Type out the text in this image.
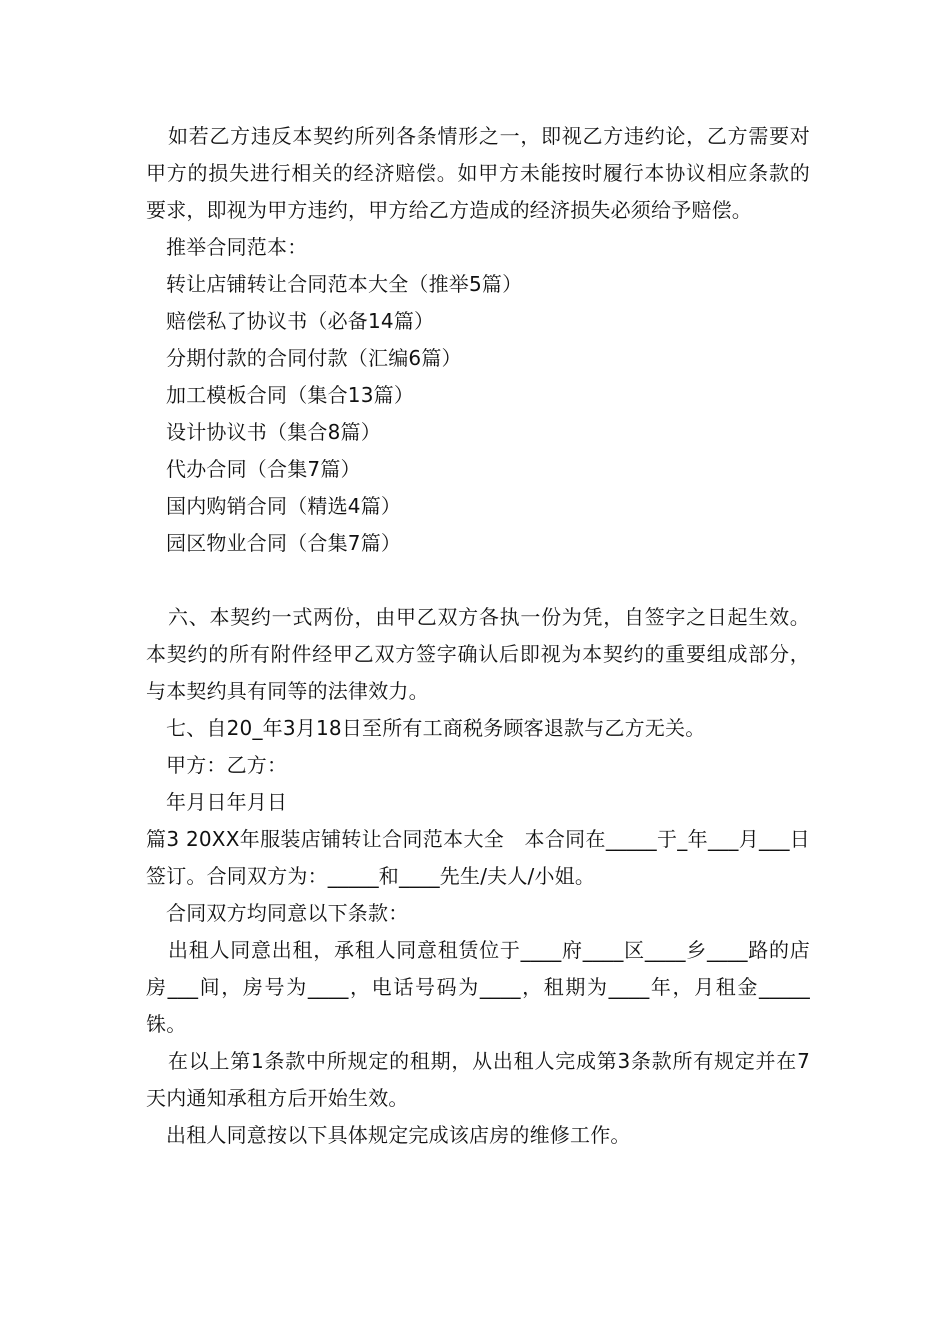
如若乙方违反本契约所列各条情形之一，即视乙方违约论，乙方需要对甲方的损失进行相关的经济赔偿。如甲方未能按时履行本协议相应条款的要求，即视为甲方违约，甲方给乙方造成的经济损失必须给予赔偿。

推举合同范本：

转让店铺转让合同范本大全（推举5篇）

赔偿私了协议书（必备14篇）

分期付款的合同付款（汇编6篇）

加工模板合同（集合13篇）

设计协议书（集合8篇）

代办合同（合集7篇）

国内购销合同（精选4篇）

园区物业合同（合集7篇）

六、本契约一式两份，由甲乙双方各执一份为凭，自签字之日起生效。本契约的所有附件经甲乙双方签字确认后即视为本契约的重要组成部分，与本契约具有同等的法律效力。

七、自20_年3月18日至所有工商税务顾客退款与乙方无关。

甲方：乙方：

年月日年月日

篇3 20XX年服装店铺转让合同范本大全　本合同在_____于_年___月___日签订。合同双方为：_____和____先生/夫人/小姐。

合同双方均同意以下条款：

出租人同意出租，承租人同意租赁位于____府____区____乡____路的店房___间，房号为____，电话号码为____，租期为____年，月租金_____铢。

在以上第1条款中所规定的租期，从出租人完成第3条款所有规定并在7天内通知承租方后开始生效。

出租人同意按以下具体规定完成该店房的维修工作。
